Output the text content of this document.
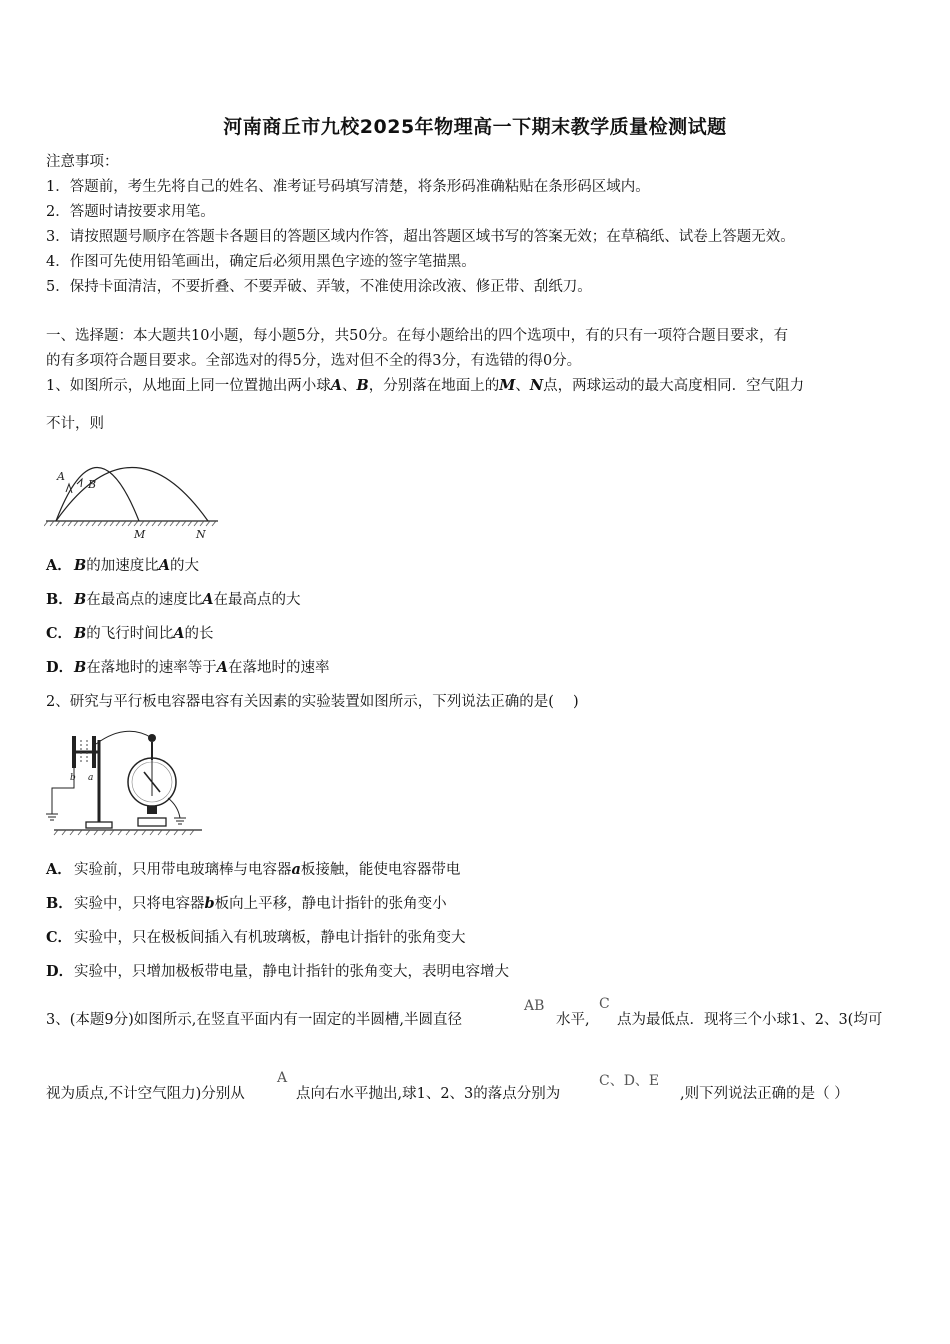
河南商丘市九校2025年物理高一下期末教学质量检测试题
注意事项：
1．答题前，考生先将自己的姓名、准考证号码填写清楚，将条形码准确粘贴在条形码区域内。
2．答题时请按要求用笔。
3．请按照题号顺序在答题卡各题目的答题区域内作答，超出答题区域书写的答案无效；在草稿纸、试卷上答题无效。
4．作图可先使用铅笔画出，确定后必须用黑色字迹的签字笔描黑。
5．保持卡面清洁，不要折叠、不要弄破、弄皱，不准使用涂改液、修正带、刮纸刀。
一、选择题：本大题共10小题，每小题5分，共50分。在每小题给出的四个选项中，有的只有一项符合题目要求，有
的有多项符合题目要求。全部选对的得5分，选对但不全的得3分，有选错的得0分。
1、如图所示，从地面上同一位置抛出两小球A、B，分别落在地面上的M、N点，两球运动的最大高度相同．空气阻力
不计，则
A
B
M	N
A． B的加速度比A的大
B．B在最高点的速度比A在最高点的大
C． B的飞行时间比A的长
D．B在落地时的速率等于A在落地时的速率
2、研究与平行板电容器电容有关因素的实验装置如图所示，下列说法正确的是(　 )
b a
A． 实验前，只用带电玻璃棒与电容器a板接触，能使电容器带电
B．实验中，只将电容器b板向上平移，静电计指针的张角变小
C． 实验中，只在极板间插入有机玻璃板，静电计指针的张角变大
D．实验中，只增加极板带电量，静电计指针的张角变大，表明电容增大
3、(本题9分)如图所示,在竖直平面内有一固定的半圆槽,半圆直径
AB
水平,
C
点为最低点．现将三个小球1、2、3(均可
视为质点,不计空气阻力)分别从
A
点向右水平抛出,球1、2、3的落点分别为
C、D、E
,则下列说法正确的是（ ）
